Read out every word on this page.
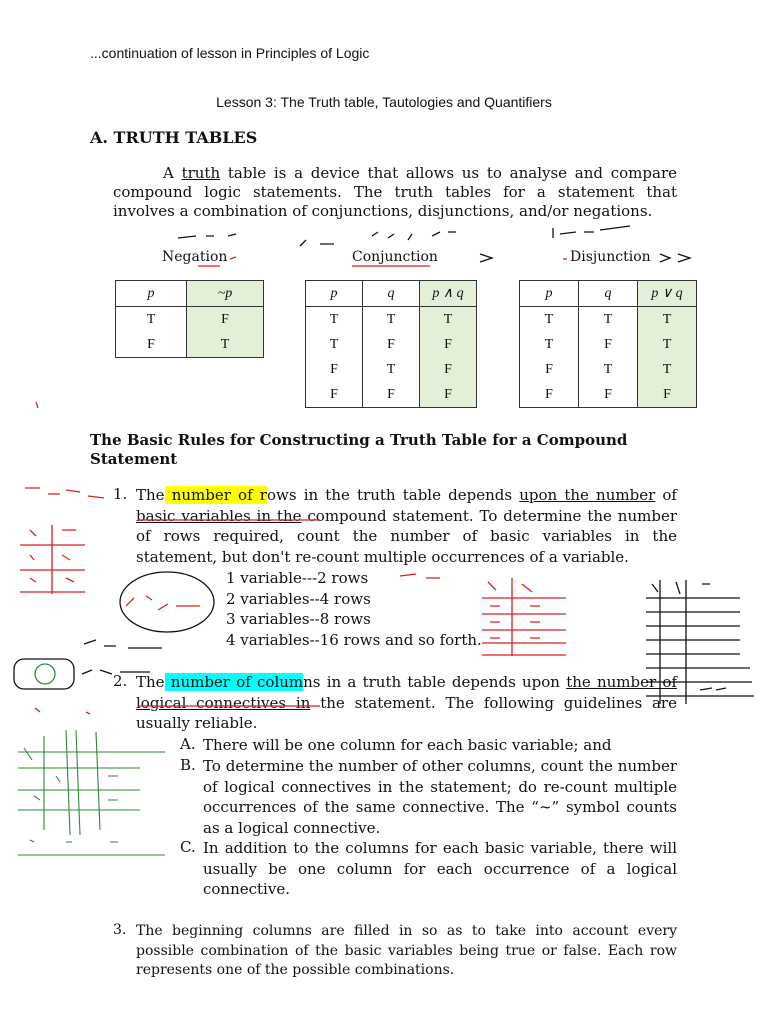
...continuation of lesson in Principles of Logic
Lesson 3: The Truth table, Tautologies and Quantifiers
A. TRUTH TABLES
A truth table is a device that allows us to analyse and compare compound logic statements. The truth tables for a statement that involves a combination of conjunctions, disjunctions, and/or negations.
Negation	Conjunction	Disjunction
p	~p
T	F
F	T
p	q	p ∧ q
T	T	T
T	F	F
F	T	F
F	F	F
p	q	p ∨ q
T	T	T
T	F	T
F	T	T
F	F	F
The Basic Rules for Constructing a Truth Table for a Compound Statement
1. The number of rows in the truth table depends upon the number of basic variables in the compound statement. To determine the number of rows required, count the number of basic variables in the statement, but don't re-count multiple occurrences of a variable.
1 variable---2 rows
2 variables--4 rows
3 variables--8 rows
4 variables--16 rows and so forth.
2. The number of columns in a truth table depends upon the number of logical connectives in the statement. The following guidelines are usually reliable.
A. There will be one column for each basic variable; and
B. To determine the number of other columns, count the number of logical connectives in the statement; do re-count multiple occurrences of the same connective. The “~” symbol counts as a logical connective.
C. In addition to the columns for each basic variable, there will usually be one column for each occurrence of a logical connective.
3. The beginning columns are filled in so as to take into account every possible combination of the basic variables being true or false. Each row represents one of the possible combinations.
